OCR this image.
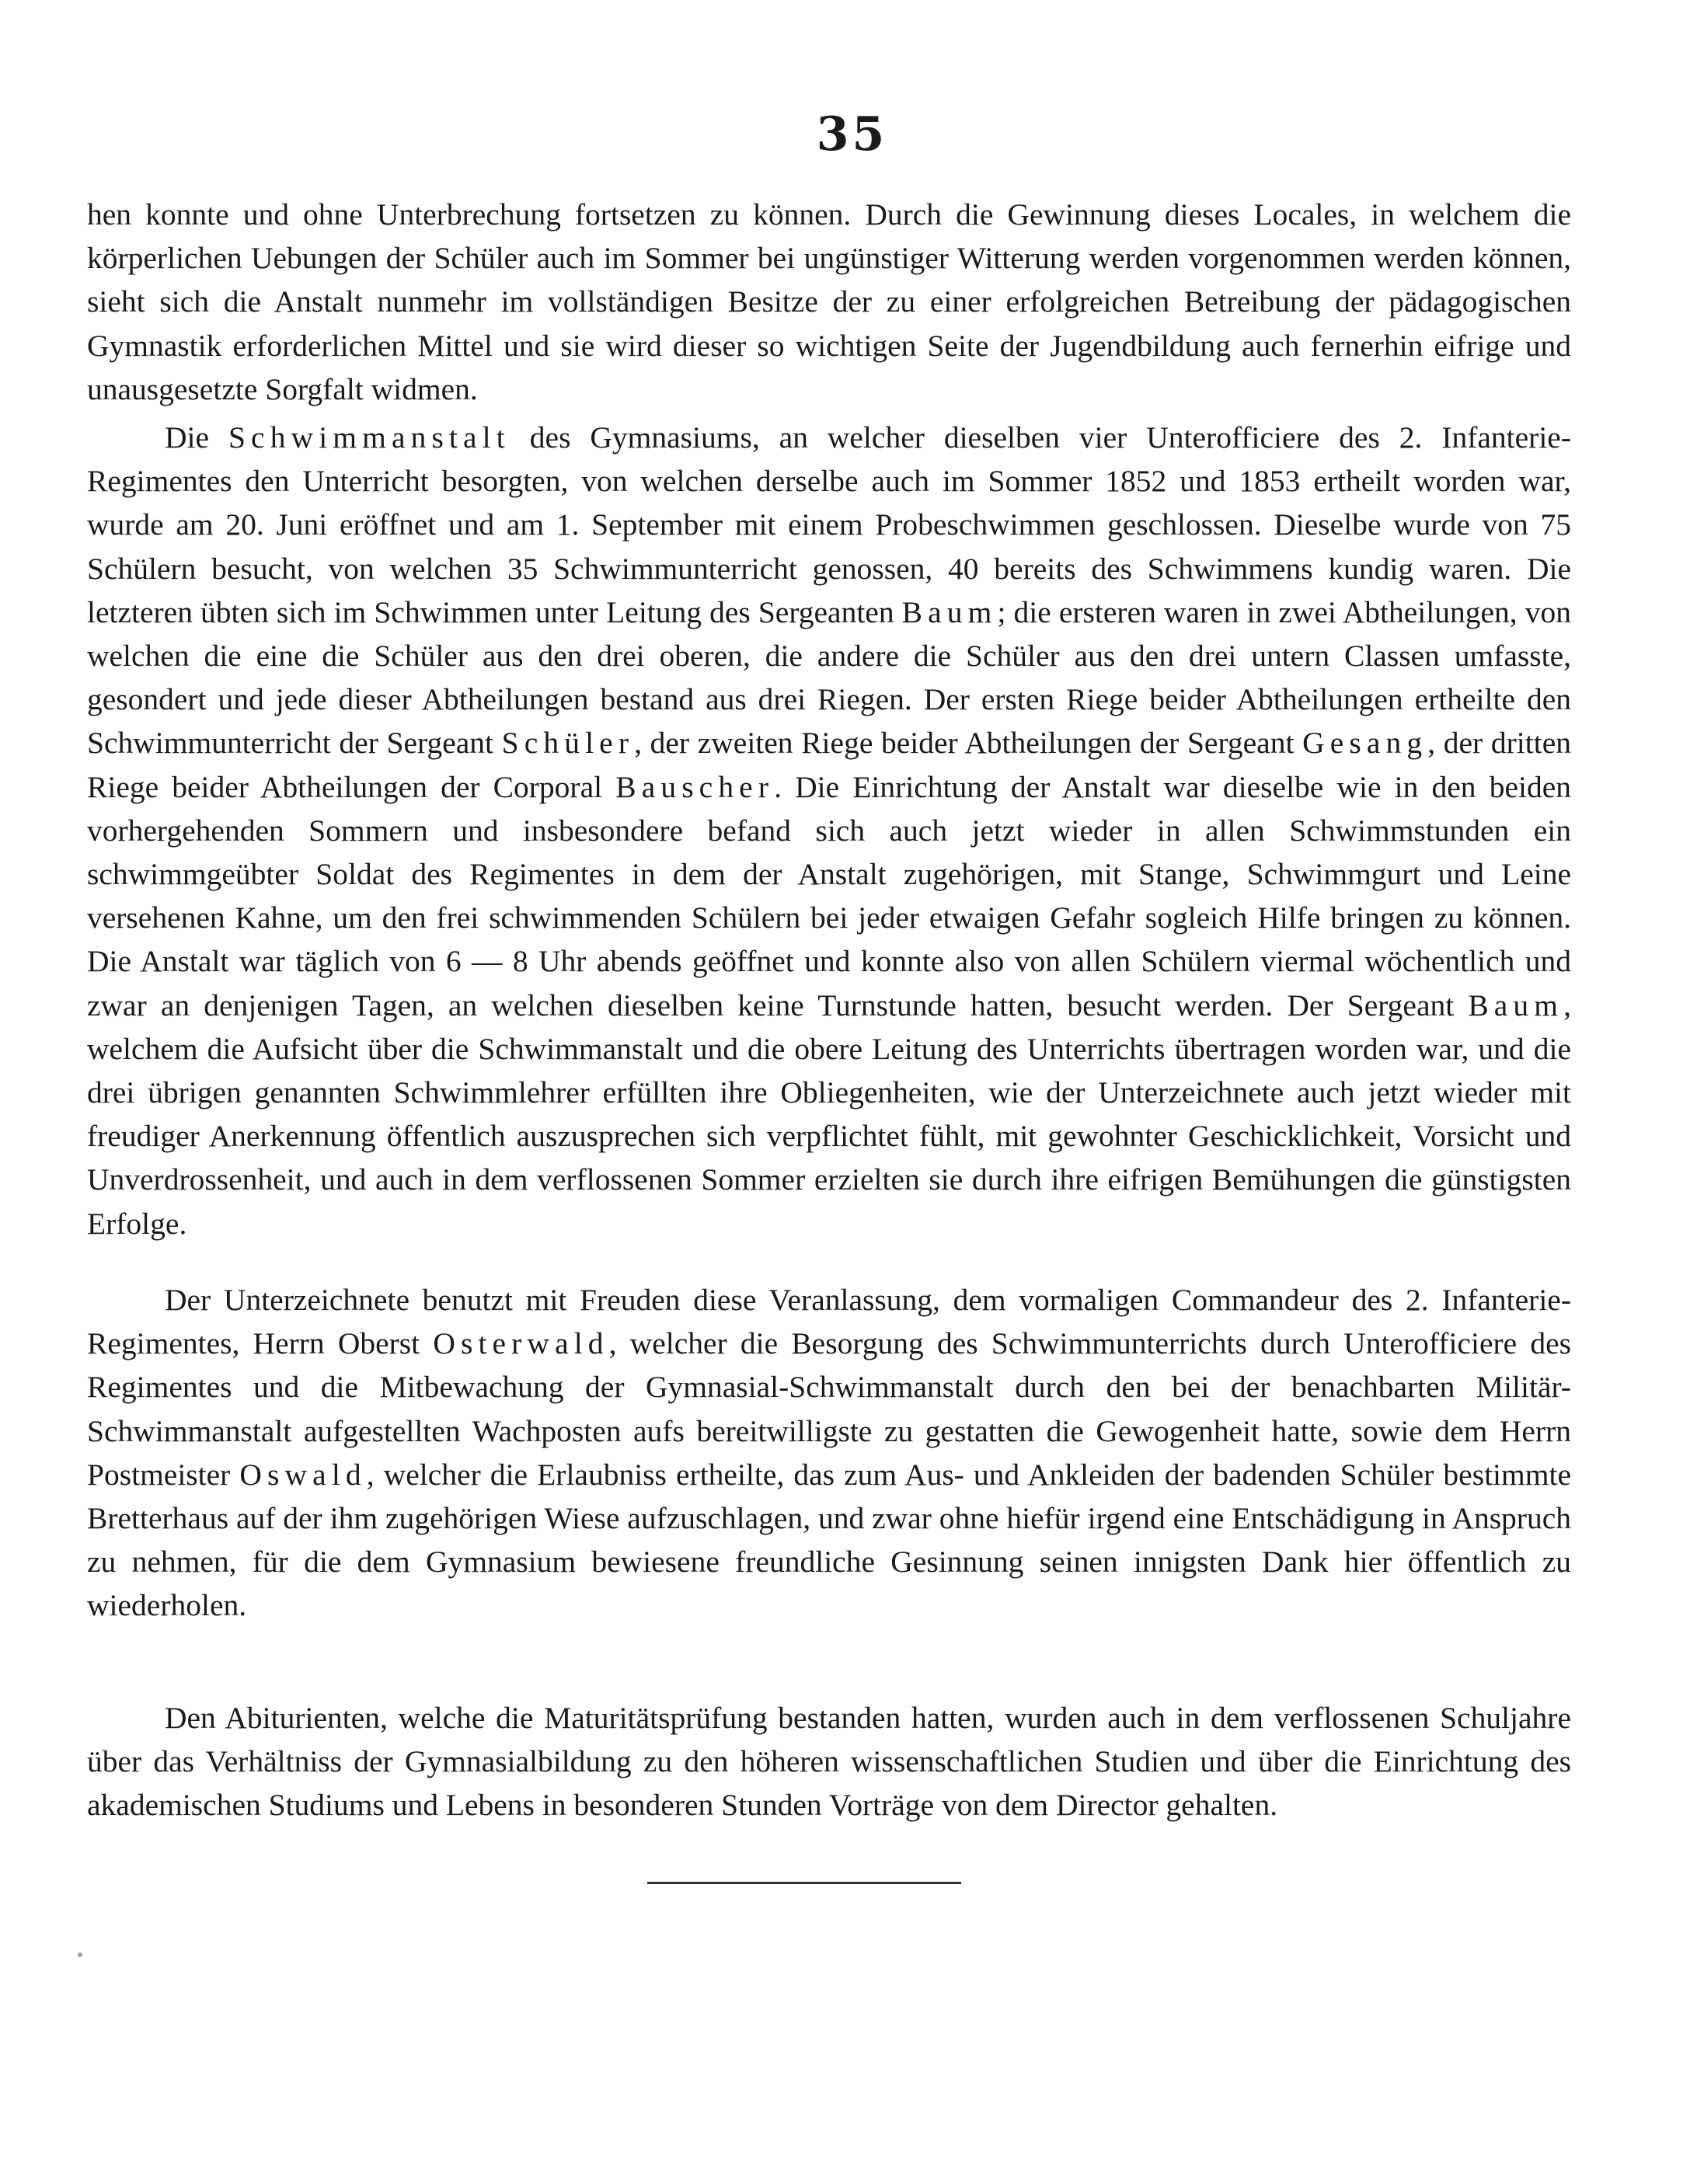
35

hen konnte und ohne Unterbrechung fortsetzen zu können. Durch die Gewinnung dieses Locales, in welchem die körperlichen Uebungen der Schüler auch im Sommer bei ungünstiger Witterung werden vorgenommen werden können, sieht sich die Anstalt nunmehr im vollständigen Besitze der zu einer erfolgreichen Betreibung der pädagogischen Gymnastik erforderlichen Mittel und sie wird dieser so wichtigen Seite der Jugendbildung auch fernerhin eifrige und unausgesetzte Sorgfalt widmen.

Die Schwimmanstalt des Gymnasiums, an welcher dieselben vier Unterofficiere des 2. Infanterie-Regimentes den Unterricht besorgten, von welchen derselbe auch im Sommer 1852 und 1853 ertheilt worden war, wurde am 20. Juni eröffnet und am 1. September mit einem Probeschwimmen geschlossen. Dieselbe wurde von 75 Schülern besucht, von welchen 35 Schwimmunterricht genossen, 40 bereits des Schwimmens kundig waren. Die letzteren übten sich im Schwimmen unter Leitung des Sergeanten Baum; die ersteren waren in zwei Abtheilungen, von welchen die eine die Schüler aus den drei oberen, die andere die Schüler aus den drei untern Classen umfasste, gesondert und jede dieser Abtheilungen bestand aus drei Riegen. Der ersten Riege beider Abtheilungen ertheilte den Schwimmunterricht der Sergeant Schüler, der zweiten Riege beider Abtheilungen der Sergeant Gesang, der dritten Riege beider Abtheilungen der Corporal Bauscher. Die Einrichtung der Anstalt war dieselbe wie in den beiden vorhergehenden Sommern und insbesondere befand sich auch jetzt wieder in allen Schwimmstunden ein schwimmgeübter Soldat des Regimentes in dem der Anstalt zugehörigen, mit Stange, Schwimmgurt und Leine versehenen Kahne, um den frei schwimmenden Schülern bei jeder etwaigen Gefahr sogleich Hilfe bringen zu können. Die Anstalt war täglich von 6 — 8 Uhr abends geöffnet und konnte also von allen Schülern viermal wöchentlich und zwar an denjenigen Tagen, an welchen dieselben keine Turnstunde hatten, besucht werden. Der Sergeant Baum, welchem die Aufsicht über die Schwimmanstalt und die obere Leitung des Unterrichts übertragen worden war, und die drei übrigen genannten Schwimmlehrer erfüllten ihre Obliegenheiten, wie der Unterzeichnete auch jetzt wieder mit freudiger Anerkennung öffentlich auszusprechen sich verpflichtet fühlt, mit gewohnter Geschicklichkeit, Vorsicht und Unverdrossenheit, und auch in dem verflossenen Sommer erzielten sie durch ihre eifrigen Bemühungen die günstigsten Erfolge.

Der Unterzeichnete benutzt mit Freuden diese Veranlassung, dem vormaligen Commandeur des 2. Infanterie-Regimentes, Herrn Oberst Osterwald, welcher die Besorgung des Schwimmunterrichts durch Unterofficiere des Regimentes und die Mitbewachung der Gymnasial-Schwimmanstalt durch den bei der benachbarten Militär-Schwimmanstalt aufgestellten Wachposten aufs bereitwilligste zu gestatten die Gewogenheit hatte, sowie dem Herrn Postmeister Oswald, welcher die Erlaubniss ertheilte, das zum Aus- und Ankleiden der badenden Schüler bestimmte Bretterhaus auf der ihm zugehörigen Wiese aufzuschlagen, und zwar ohne hiefür irgend eine Entschädigung in Anspruch zu nehmen, für die dem Gymnasium bewiesene freundliche Gesinnung seinen innigsten Dank hier öffentlich zu wiederholen.

Den Abiturienten, welche die Maturitätsprüfung bestanden hatten, wurden auch in dem verflossenen Schuljahre über das Verhältniss der Gymnasialbildung zu den höheren wissenschaftlichen Studien und über die Einrichtung des akademischen Studiums und Lebens in besonderen Stunden Vorträge von dem Director gehalten.
